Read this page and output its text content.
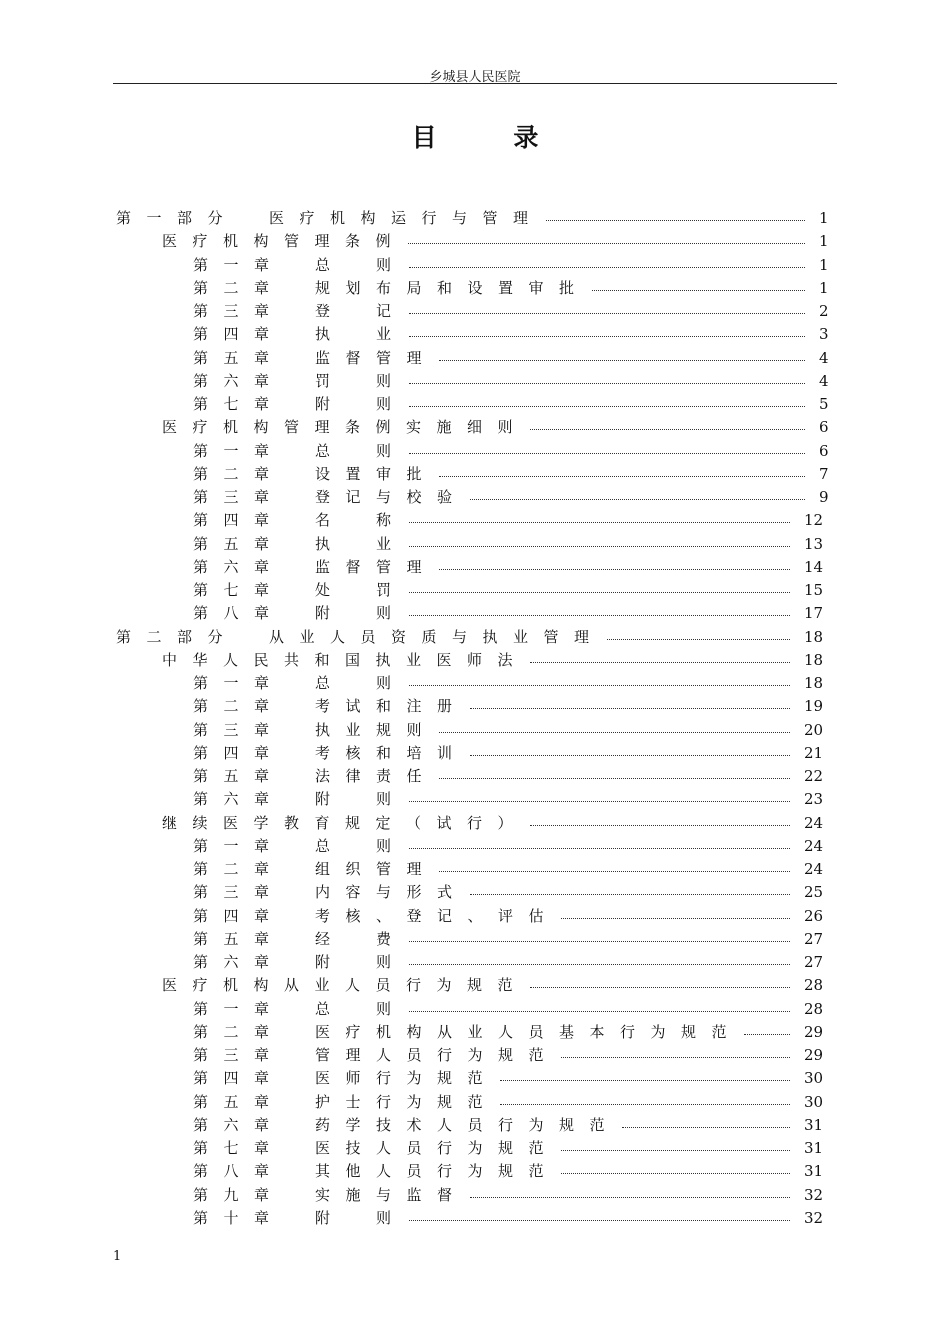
乡城县人民医院
目 录
第一部分 医疗机构运行与管理	1
医疗机构管理条例	1
第一章 总　则	1
第二章 规划布局和设置审批	1
第三章 登　记	2
第四章 执　业	3
第五章 监督管理	4
第六章 罚　则	4
第七章 附　则	5
医疗机构管理条例实施细则	6
第一章 总　则	6
第二章 设置审批	7
第三章 登记与校验	9
第四章 名　称	12
第五章 执　业	13
第六章 监督管理	14
第七章 处　罚	15
第八章 附　则	17
第二部分 从业人员资质与执业管理	18
中华人民共和国执业医师法	18
第一章 总　则	18
第二章 考试和注册	19
第三章 执业规则	20
第四章 考核和培训	21
第五章 法律责任	22
第六章 附　则	23
继续医学教育规定（试行）	24
第一章 总　则	24
第二章 组织管理	24
第三章 内容与形式	25
第四章 考核、登记、评估	26
第五章 经　费	27
第六章 附　则	27
医疗机构从业人员行为规范	28
第一章 总　则	28
第二章 医疗机构从业人员基本行为规范	29
第三章 管理人员行为规范	29
第四章 医师行为规范	30
第五章 护士行为规范	30
第六章 药学技术人员行为规范	31
第七章 医技人员行为规范	31
第八章 其他人员行为规范	31
第九章 实施与监督	32
第十章 附　则	32
1
